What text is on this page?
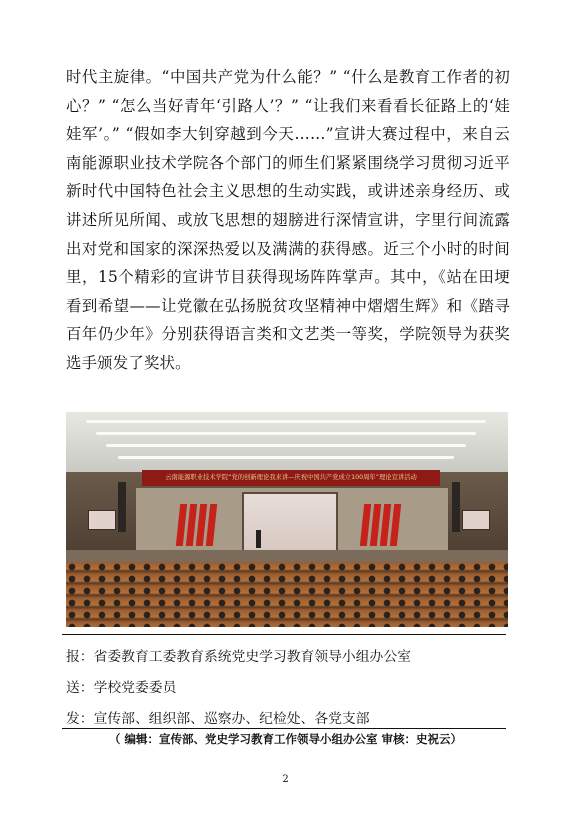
时代主旋律。“中国共产党为什么能？” “什么是教育工作者的初心？” “怎么当好青年‘引路人’？” “让我们来看看长征路上的‘娃娃军’。” “假如李大钊穿越到今天……”宣讲大赛过程中，来自云南能源职业技术学院各个部门的师生们紧紧围绕学习贯彻习近平新时代中国特色社会主义思想的生动实践，或讲述亲身经历、或讲述所见所闻、或放飞思想的翅膀进行深情宣讲，字里行间流露出对党和国家的深深热爱以及满满的获得感。近三个小时的时间里，15个精彩的宣讲节目获得现场阵阵掌声。其中，《站在田埂看到希望——让党徽在弘扬脱贫攻坚精神中熠熠生辉》和《踏寻百年仍少年》分别获得语言类和文艺类一等奖，学院领导为获奖选手颁发了奖状。

云南能源职业技术学院“党的创新理论我来讲—庆祝中国共产党成立100周年”理论宣讲活动
报：省委教育工委教育系统党史学习教育领导小组办公室
送：学校党委委员
发：宣传部、组织部、巡察办、纪检处、各党支部
（ 编辑：宣传部、党史学习教育工作领导小组办公室 审核：史祝云）
2
